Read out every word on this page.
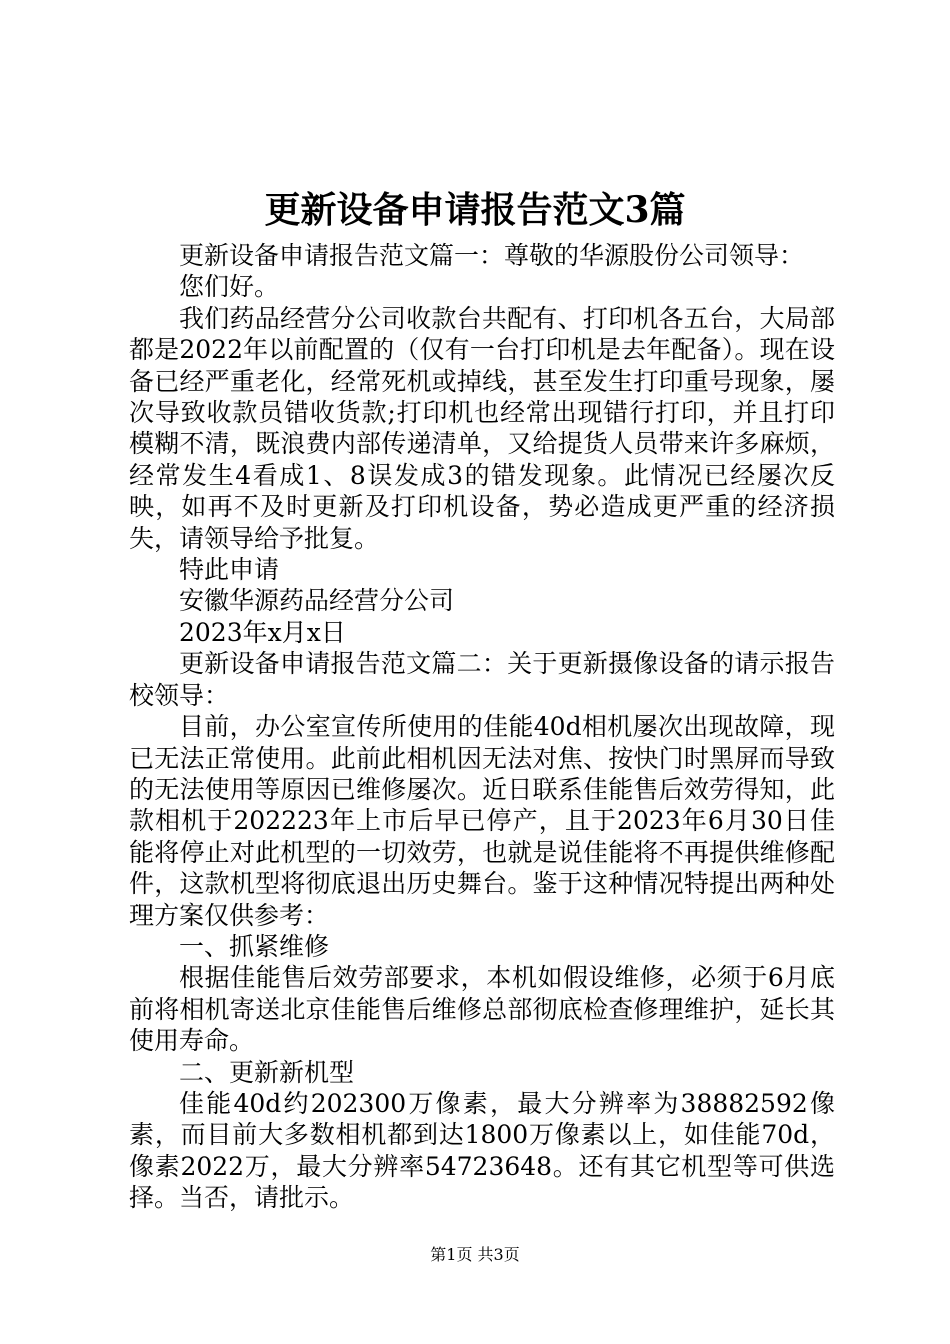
更新设备申请报告范文3篇

更新设备申请报告范文篇一：尊敬的华源股份公司领导：

您们好。

我们药品经营分公司收款台共配有、打印机各五台，大局部都是2022年以前配置的（仅有一台打印机是去年配备）。现在设备已经严重老化，经常死机或掉线，甚至发生打印重号现象，屡次导致收款员错收货款;打印机也经常出现错行打印，并且打印模糊不清，既浪费内部传递清单，又给提货人员带来许多麻烦，经常发生4看成1、8误发成3的错发现象。此情况已经屡次反映，如再不及时更新及打印机设备，势必造成更严重的经济损失，请领导给予批复。

特此申请

安徽华源药品经营分公司

2023年x月x日

更新设备申请报告范文篇二：关于更新摄像设备的请示报告校领导：

目前，办公室宣传所使用的佳能40d相机屡次出现故障，现已无法正常使用。此前此相机因无法对焦、按快门时黑屏而导致的无法使用等原因已维修屡次。近日联系佳能售后效劳得知，此款相机于202223年上市后早已停产，且于2023年6月30日佳能将停止对此机型的一切效劳，也就是说佳能将不再提供维修配件，这款机型将彻底退出历史舞台。鉴于这种情况特提出两种处理方案仅供参考：

一、抓紧维修

根据佳能售后效劳部要求，本机如假设维修，必须于6月底前将相机寄送北京佳能售后维修总部彻底检查修理维护，延长其使用寿命。

二、更新新机型

佳能40d约202300万像素，最大分辨率为38882592像素，而目前大多数相机都到达1800万像素以上，如佳能70d，像素2022万，最大分辨率54723648。还有其它机型等可供选择。当否，请批示。

第1页 共3页
